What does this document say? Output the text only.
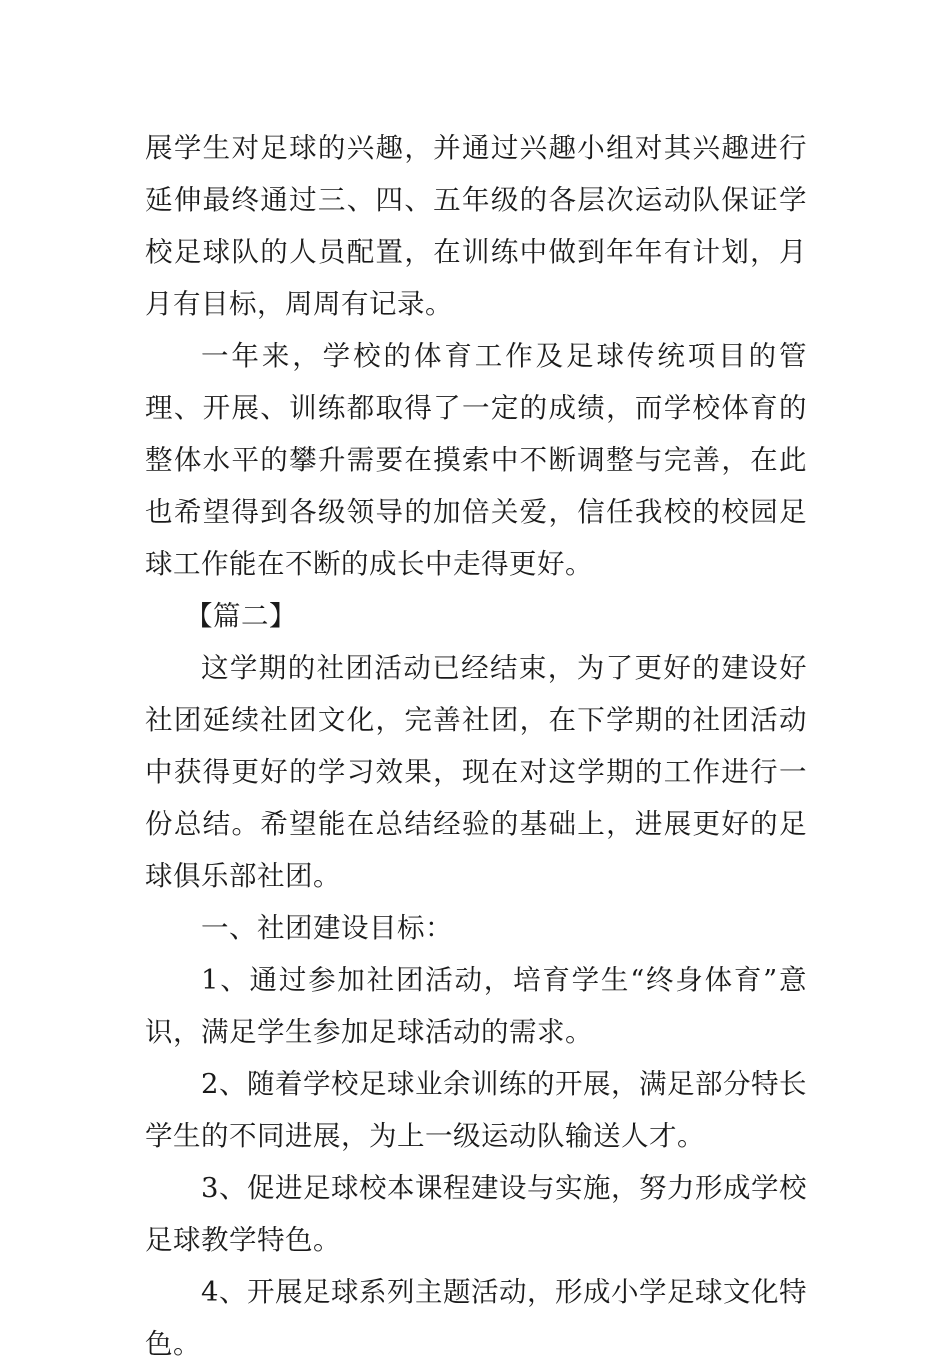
展学生对足球的兴趣，并通过兴趣小组对其兴趣进行延伸最终通过三、四、五年级的各层次运动队保证学校足球队的人员配置，在训练中做到年年有计划，月月有目标，周周有记录。

一年来，学校的体育工作及足球传统项目的管理、开展、训练都取得了一定的成绩，而学校体育的整体水平的攀升需要在摸索中不断调整与完善，在此也希望得到各级领导的加倍关爱，信任我校的校园足球工作能在不断的成长中走得更好。

【篇二】

这学期的社团活动已经结束，为了更好的建设好社团延续社团文化，完善社团，在下学期的社团活动中获得更好的学习效果，现在对这学期的工作进行一份总结。希望能在总结经验的基础上，进展更好的足球俱乐部社团。

一、社团建设目标：

1、通过参加社团活动，培育学生“终身体育”意识，满足学生参加足球活动的需求。

2、随着学校足球业余训练的开展，满足部分特长学生的不同进展，为上一级运动队输送人才。

3、促进足球校本课程建设与实施，努力形成学校足球教学特色。

4、开展足球系列主题活动，形成小学足球文化特色。
